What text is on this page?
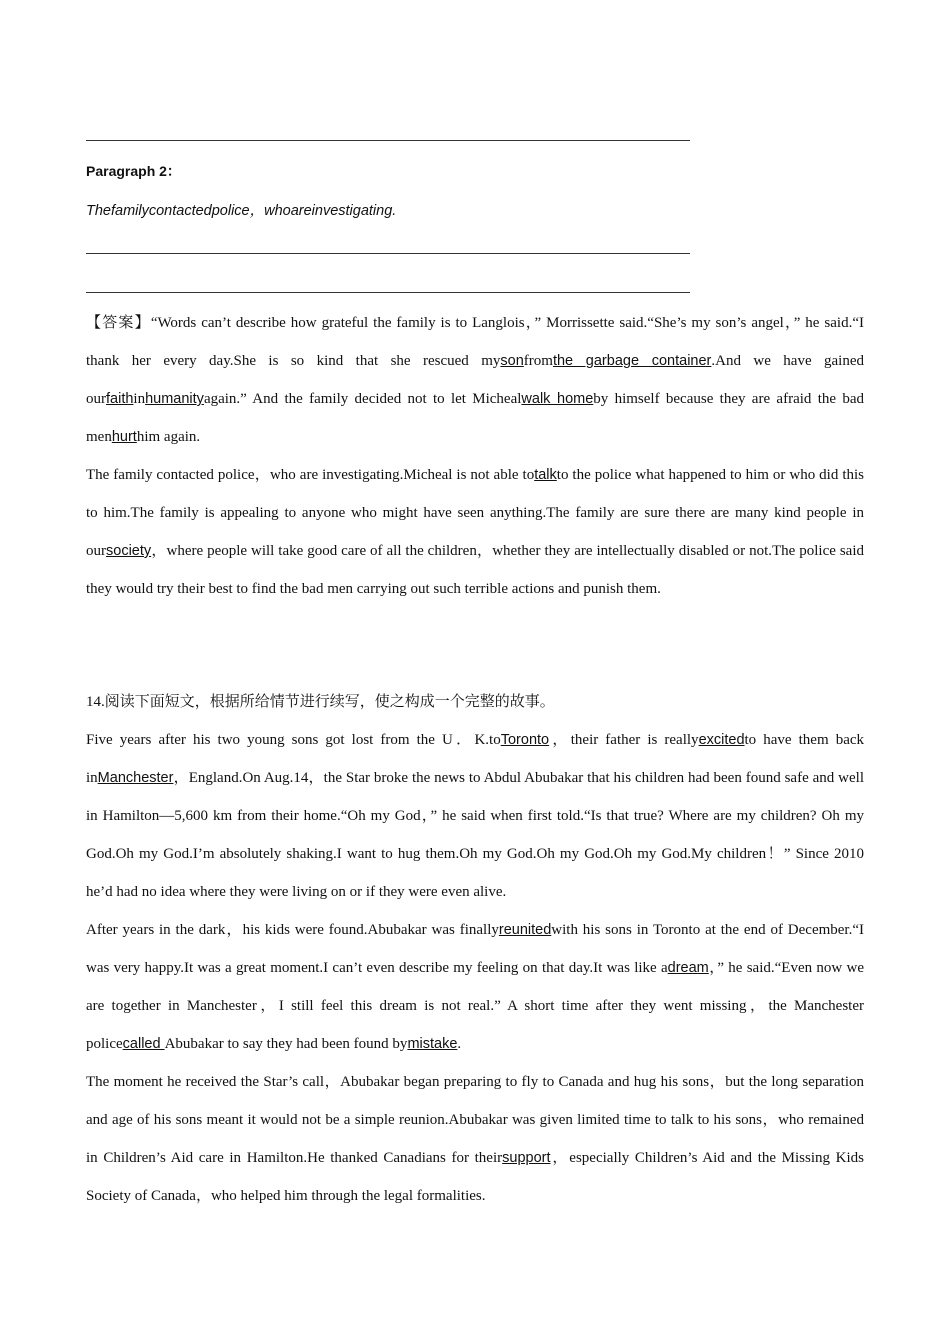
Paragraph 2：
Thefamilycontactedpolice，whoareinvestigating.

【答案】“Words can’t describe how grateful the family is to Langlois，” Morrissette said.“She’s my son’s angel，” he said.“I thank her every day.She is so kind that she rescued mysonfromthe garbage container.And we have gained ourfaithinhumanityagain.” And the family decided not to let Michealwalk homeby himself because they are afraid the bad menhurthim again.

The family contacted police，who are investigating.Micheal is not able totalkto the police what happened to him or who did this to him.The family is appealing to anyone who might have seen anything.The family are sure there are many kind people in oursociety，where people will take good care of all the children，whether they are intellectually disabled or not.The police said they would try their best to find the bad men carrying out such terrible actions and punish them.

14.阅读下面短文，根据所给情节进行续写，使之构成一个完整的故事。

Five years after his two young sons got lost from the U．K.toToronto，their father is reallyexcitedto have them back inManchester，England.On Aug.14，the Star broke the news to Abdul Abubakar that his children had been found safe and well in Hamilton—5,600 km from their home.“Oh my God，” he said when first told.“Is that true? Where are my children? Oh my God.Oh my God.I’m absolutely shaking.I want to hug them.Oh my God.Oh my God.Oh my God.My children！” Since 2010 he’d had no idea where they were living on or if they were even alive.

After years in the dark，his kids were found.Abubakar was finallyreunitedwith his sons in Toronto at the end of December.“I was very happy.It was a great moment.I can’t even describe my feeling on that day.It was like adream，” he said.“Even now we are together in Manchester，I still feel this dream is not real.” A short time after they went missing，the Manchester policecalled Abubakar to say they had been found bymistake.

The moment he received the Star’s call，Abubakar began preparing to fly to Canada and hug his sons，but the long separation and age of his sons meant it would not be a simple reunion.Abubakar was given limited time to talk to his sons，who remained in Children’s Aid care in Hamilton.He thanked Canadians for theirsupport，especially Children’s Aid and the Missing Kids Society of Canada，who helped him through the legal formalities.
